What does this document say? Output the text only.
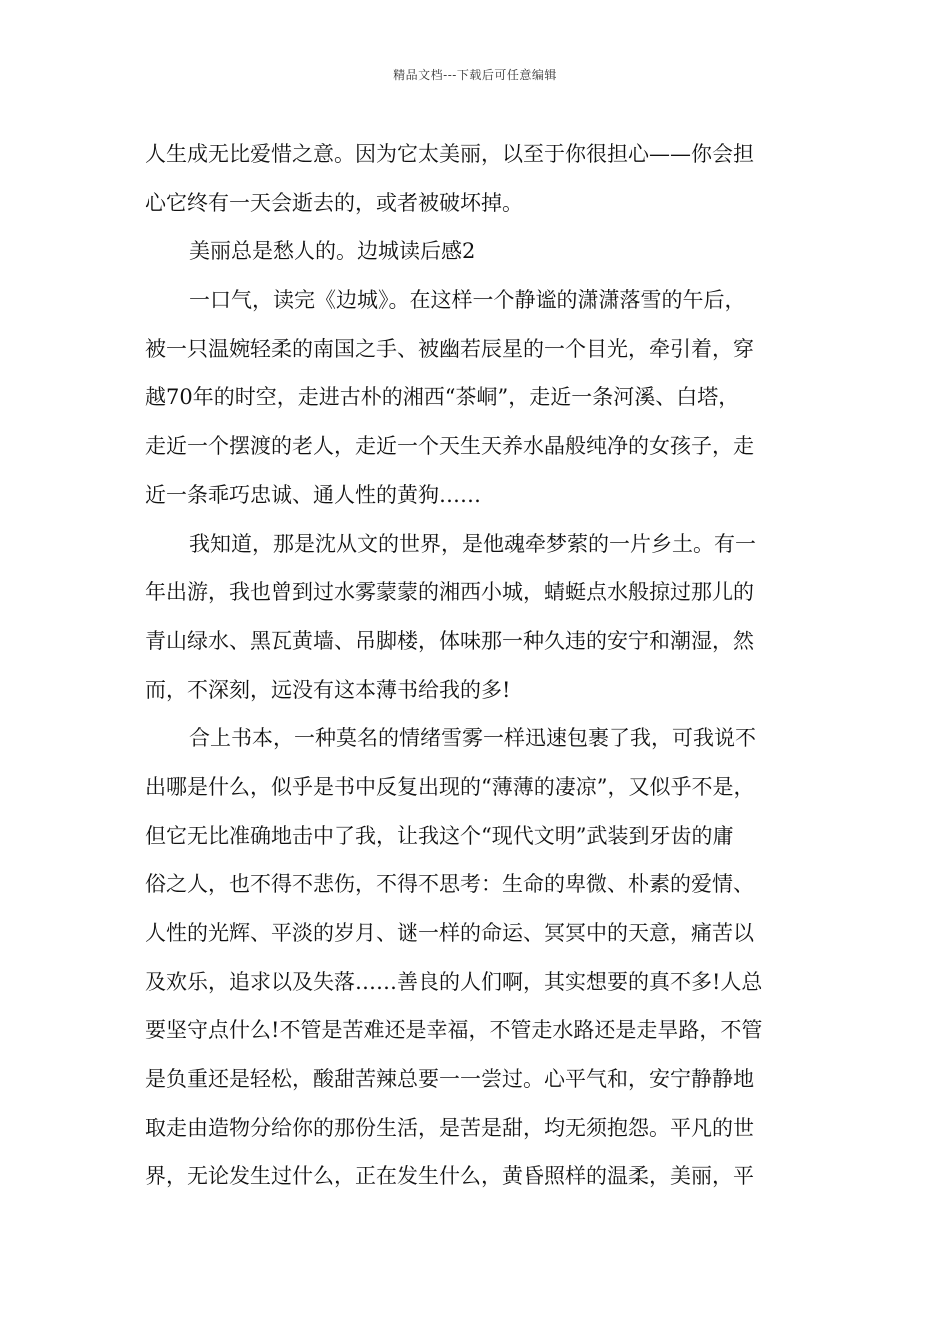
精品文档---下载后可任意编辑
人生成无比爱惜之意。因为它太美丽，以至于你很担心——你会担
心它终有一天会逝去的，或者被破坏掉。
美丽总是愁人的。边城读后感2
一口气，读完《边城》。在这样一个静谧的潇潇落雪的午后，
被一只温婉轻柔的南国之手、被幽若辰星的一个目光，牵引着，穿
越70年的时空，走进古朴的湘西“茶峒”，走近一条河溪、白塔，
走近一个摆渡的老人，走近一个天生天养水晶般纯净的女孩子，走
近一条乖巧忠诚、通人性的黄狗……
我知道，那是沈从文的世界，是他魂牵梦萦的一片乡土。有一
年出游，我也曾到过水雾蒙蒙的湘西小城，蜻蜓点水般掠过那儿的
青山绿水、黑瓦黄墙、吊脚楼，体味那一种久违的安宁和潮湿，然
而，不深刻，远没有这本薄书给我的多!
合上书本，一种莫名的情绪雪雾一样迅速包裹了我，可我说不
出哪是什么，似乎是书中反复出现的“薄薄的凄凉”，又似乎不是，
但它无比准确地击中了我，让我这个“现代文明”武装到牙齿的庸
俗之人，也不得不悲伤，不得不思考：生命的卑微、朴素的爱情、
人性的光辉、平淡的岁月、谜一样的命运、冥冥中的天意，痛苦以
及欢乐，追求以及失落……善良的人们啊，其实想要的真不多!人总
要坚守点什么!不管是苦难还是幸福，不管走水路还是走旱路，不管
是负重还是轻松，酸甜苦辣总要一一尝过。心平气和，安宁静静地
取走由造物分给你的那份生活，是苦是甜，均无须抱怨。平凡的世
界，无论发生过什么，正在发生什么，黄昏照样的温柔，美丽，平
